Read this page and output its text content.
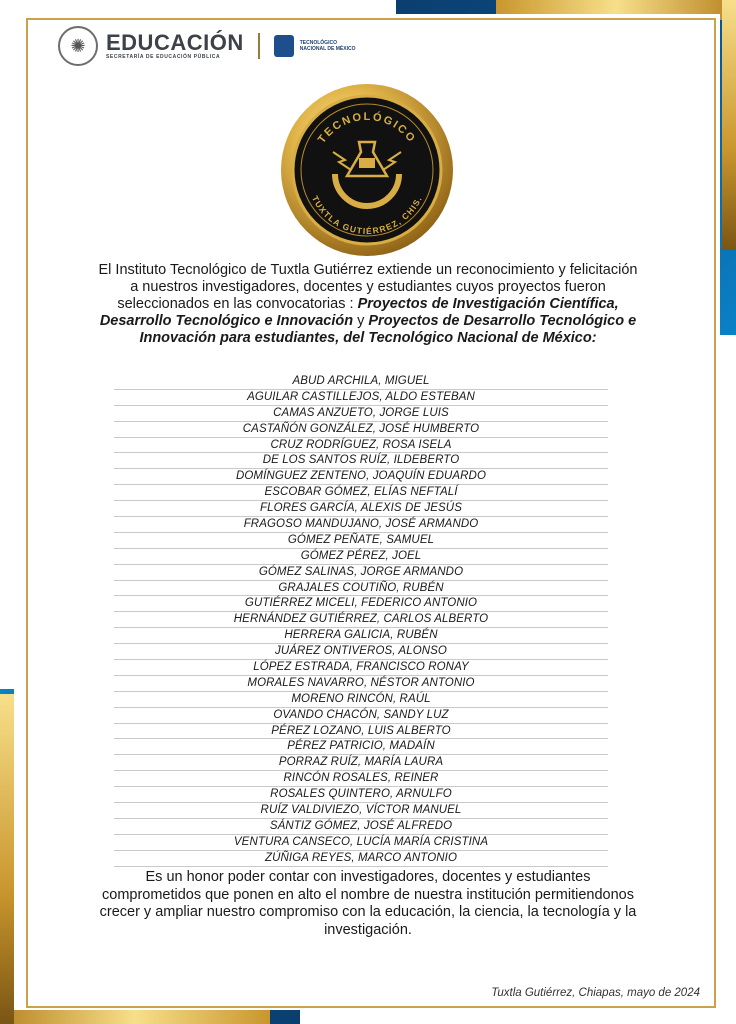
✺ EDUCACIÓN
SECRETARÍA DE EDUCACIÓN PÚBLICA
TECNOLÓGICO
NACIONAL DE MÉXICO
TECNOLÓGICO
TUXTLA GUTIÉRREZ, CHIS.
El Instituto Tecnológico de Tuxtla Gutiérrez extiende un reconocimiento y felicitación a nuestros investigadores, docentes y estudiantes cuyos proyectos fueron seleccionados en las convocatorias : Proyectos de Investigación Científica, Desarrollo Tecnológico e Innovación y Proyectos de Desarrollo Tecnológico e Innovación para estudiantes, del Tecnológico Nacional de México:
ABUD ARCHILA, MIGUEL
AGUILAR CASTILLEJOS, ALDO ESTEBAN
CAMAS ANZUETO, JORGE LUIS
CASTAÑÓN GONZÁLEZ, JOSÉ HUMBERTO
CRUZ RODRÍGUEZ, ROSA ISELA
DE LOS SANTOS RUÍZ, ILDEBERTO
DOMÍNGUEZ ZENTENO, JOAQUÍN EDUARDO
ESCOBAR GÓMEZ, ELÍAS NEFTALÍ
FLORES GARCÍA, ALEXIS DE JESÚS
FRAGOSO MANDUJANO, JOSÉ ARMANDO
GÓMEZ PEÑATE, SAMUEL
GÓMEZ PÉREZ, JOEL
GÓMEZ SALINAS, JORGE ARMANDO
GRAJALES COUTIÑO, RUBÉN
GUTIÉRREZ MICELI, FEDERICO ANTONIO
HERNÁNDEZ GUTIÉRREZ, CARLOS ALBERTO
HERRERA GALICIA, RUBÉN
JUÁREZ ONTIVEROS, ALONSO
LÓPEZ ESTRADA, FRANCISCO RONAY
MORALES NAVARRO, NÉSTOR ANTONIO
MORENO RINCÓN, RAÚL
OVANDO CHACÓN, SANDY LUZ
PÉREZ LOZANO, LUIS ALBERTO
PÉREZ PATRICIO, MADAÍN
PORRAZ RUÍZ, MARÍA LAURA
RINCÓN ROSALES, REINER
ROSALES QUINTERO, ARNULFO
RUÍZ VALDIVIEZO, VÍCTOR MANUEL
SÁNTIZ GÓMEZ, JOSÉ ALFREDO
VENTURA CANSECO, LUCÍA MARÍA CRISTINA
ZÚÑIGA REYES, MARCO ANTONIO
Es un honor poder contar con investigadores, docentes y estudiantes comprometidos que ponen en alto el nombre de nuestra institución permitiendonos crecer y ampliar nuestro compromiso con la educación, la ciencia, la tecnología y la investigación.
Tuxtla Gutiérrez, Chiapas, mayo de 2024
